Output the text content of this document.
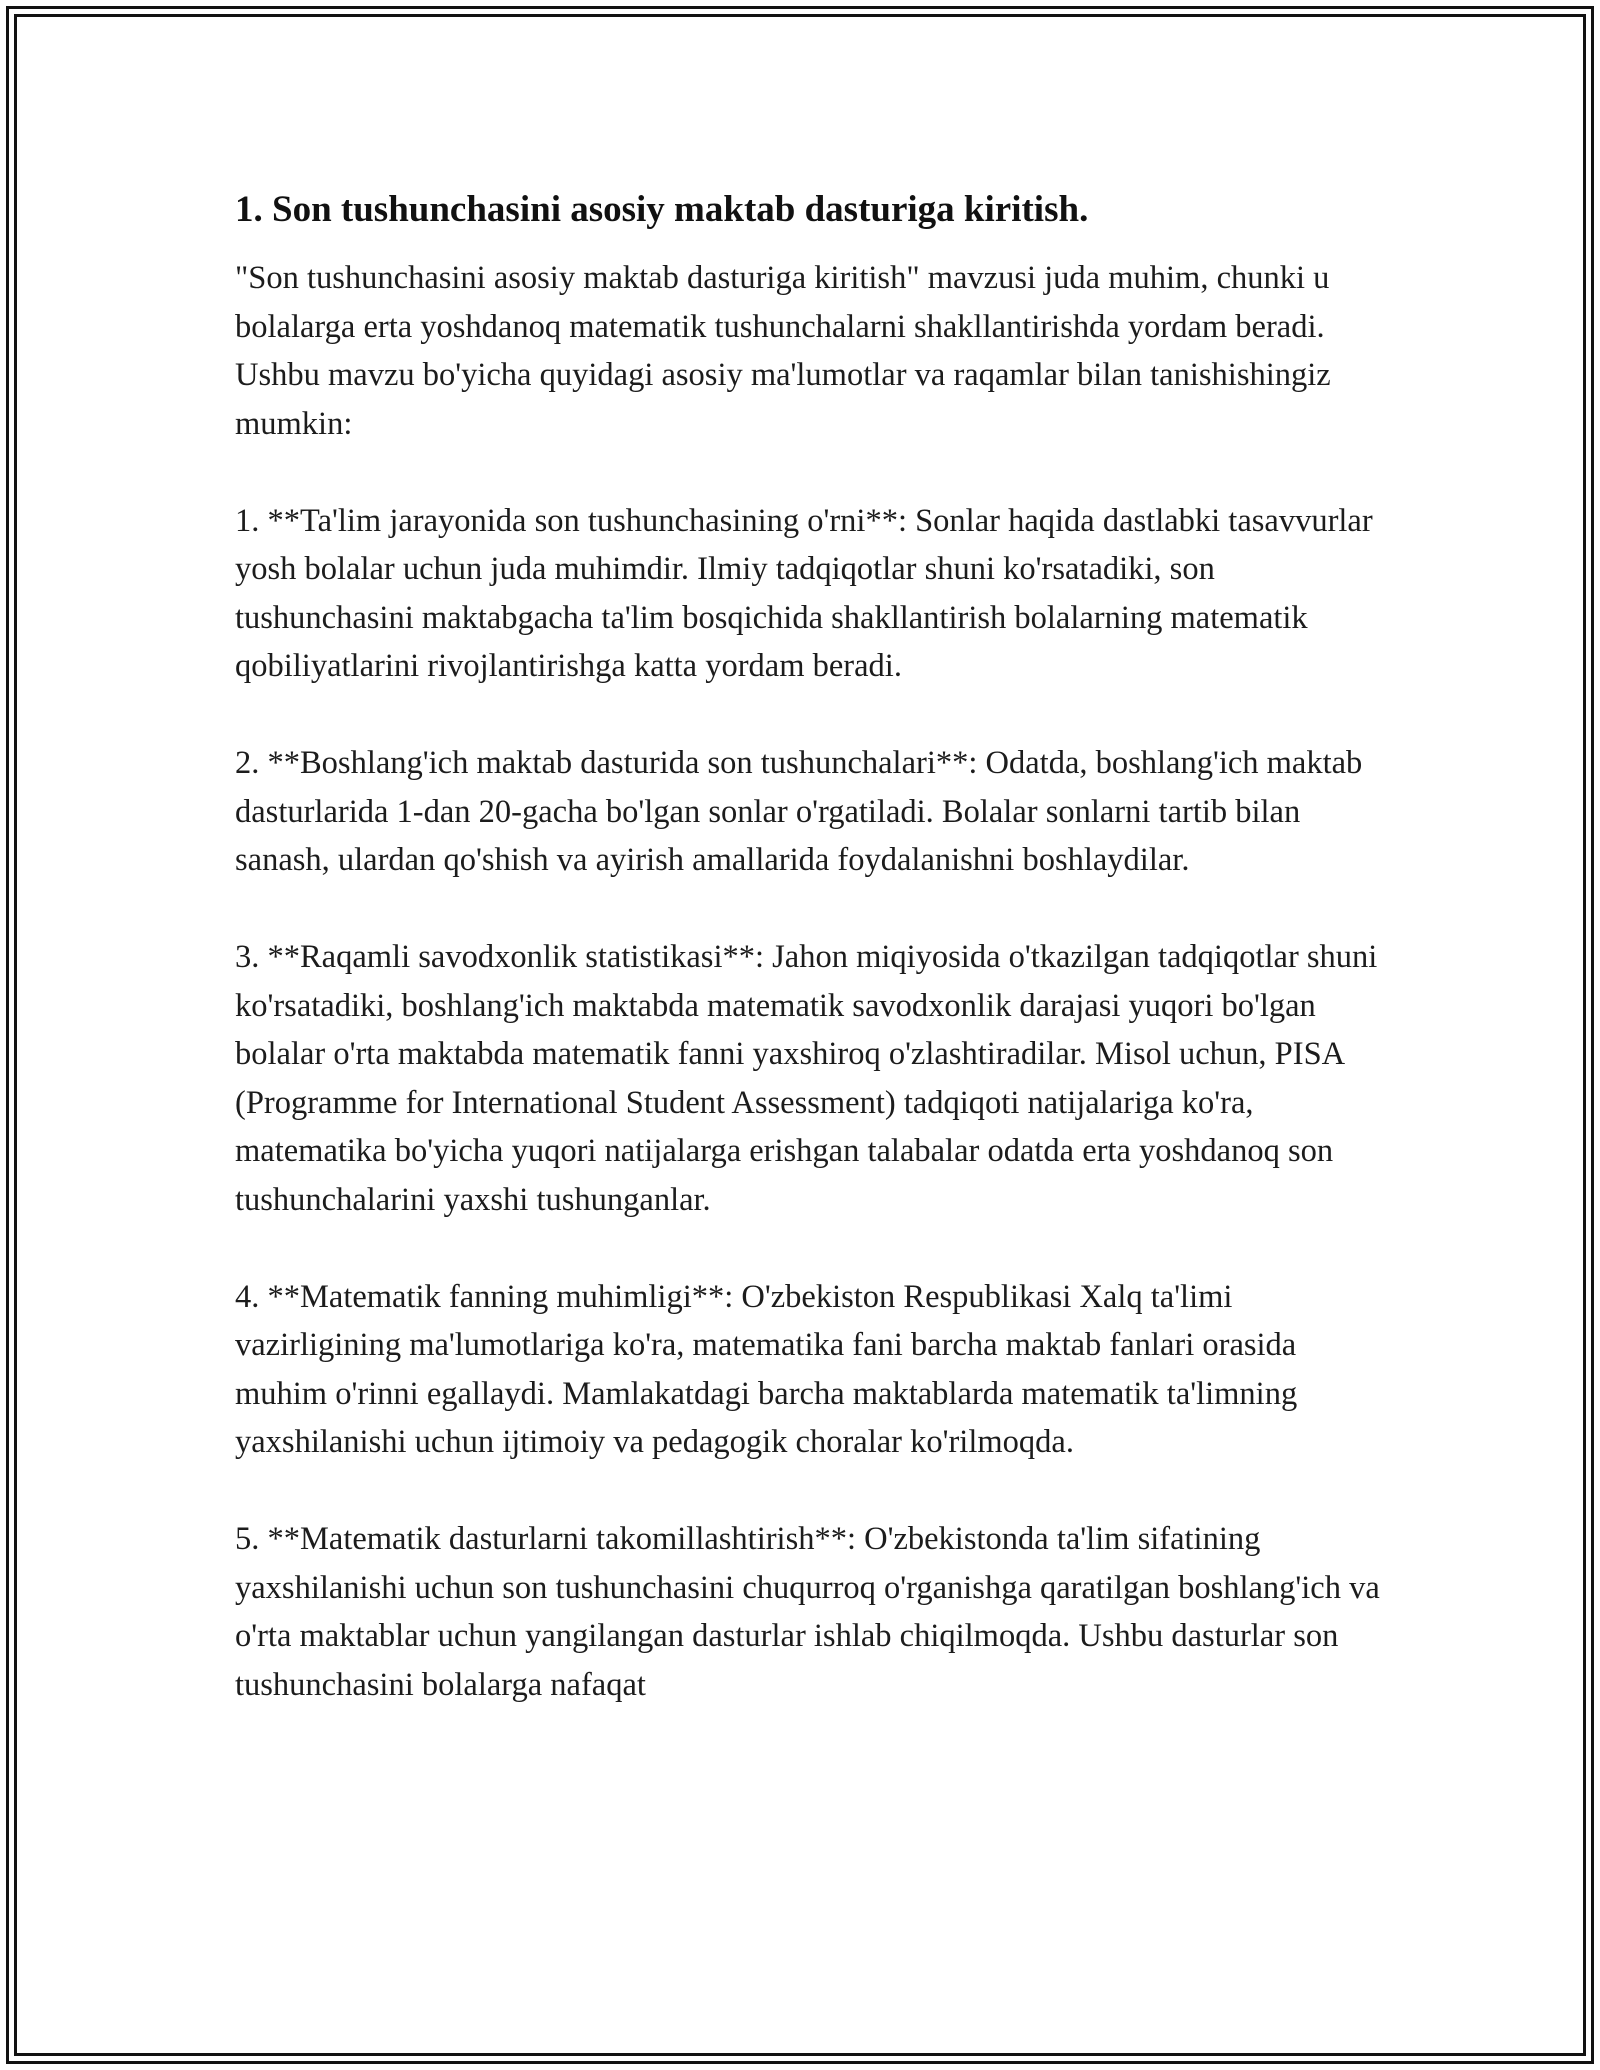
1. Son tushunchasini asosiy maktab dasturiga kiritish.

"Son tushunchasini asosiy maktab dasturiga kiritish" mavzusi juda muhim, chunki u bolalarga erta yoshdanoq matematik tushunchalarni shakllantirishda yordam beradi. Ushbu mavzu bo'yicha quyidagi asosiy ma'lumotlar va raqamlar bilan tanishishingiz mumkin:

1. **Ta'lim jarayonida son tushunchasining o'rni**: Sonlar haqida dastlabki tasavvurlar yosh bolalar uchun juda muhimdir. Ilmiy tadqiqotlar shuni ko'rsatadiki, son tushunchasini maktabgacha ta'lim bosqichida shakllantirish bolalarning matematik qobiliyatlarini rivojlantirishga katta yordam beradi.

2. **Boshlang'ich maktab dasturida son tushunchalari**: Odatda, boshlang'ich maktab dasturlarida 1-dan 20-gacha bo'lgan sonlar o'rgatiladi. Bolalar sonlarni tartib bilan sanash, ulardan qo'shish va ayirish amallarida foydalanishni boshlaydilar.

3. **Raqamli savodxonlik statistikasi**: Jahon miqiyosida o'tkazilgan tadqiqotlar shuni ko'rsatadiki, boshlang'ich maktabda matematik savodxonlik darajasi yuqori bo'lgan bolalar o'rta maktabda matematik fanni yaxshiroq o'zlashtiradilar. Misol uchun, PISA (Programme for International Student Assessment) tadqiqoti natijalariga ko'ra, matematika bo'yicha yuqori natijalarga erishgan talabalar odatda erta yoshdanoq son tushunchalarini yaxshi tushunganlar.

4. **Matematik fanning muhimligi**: O'zbekiston Respublikasi Xalq ta'limi vazirligining ma'lumotlariga ko'ra, matematika fani barcha maktab fanlari orasida muhim o'rinni egallaydi. Mamlakatdagi barcha maktablarda matematik ta'limning yaxshilanishi uchun ijtimoiy va pedagogik choralar ko'rilmoqda.

5. **Matematik dasturlarni takomillashtirish**: O'zbekistonda ta'lim sifatining yaxshilanishi uchun son tushunchasini chuqurroq o'rganishga qaratilgan boshlang'ich va o'rta maktablar uchun yangilangan dasturlar ishlab chiqilmoqda. Ushbu dasturlar son tushunchasini bolalarga nafaqat
